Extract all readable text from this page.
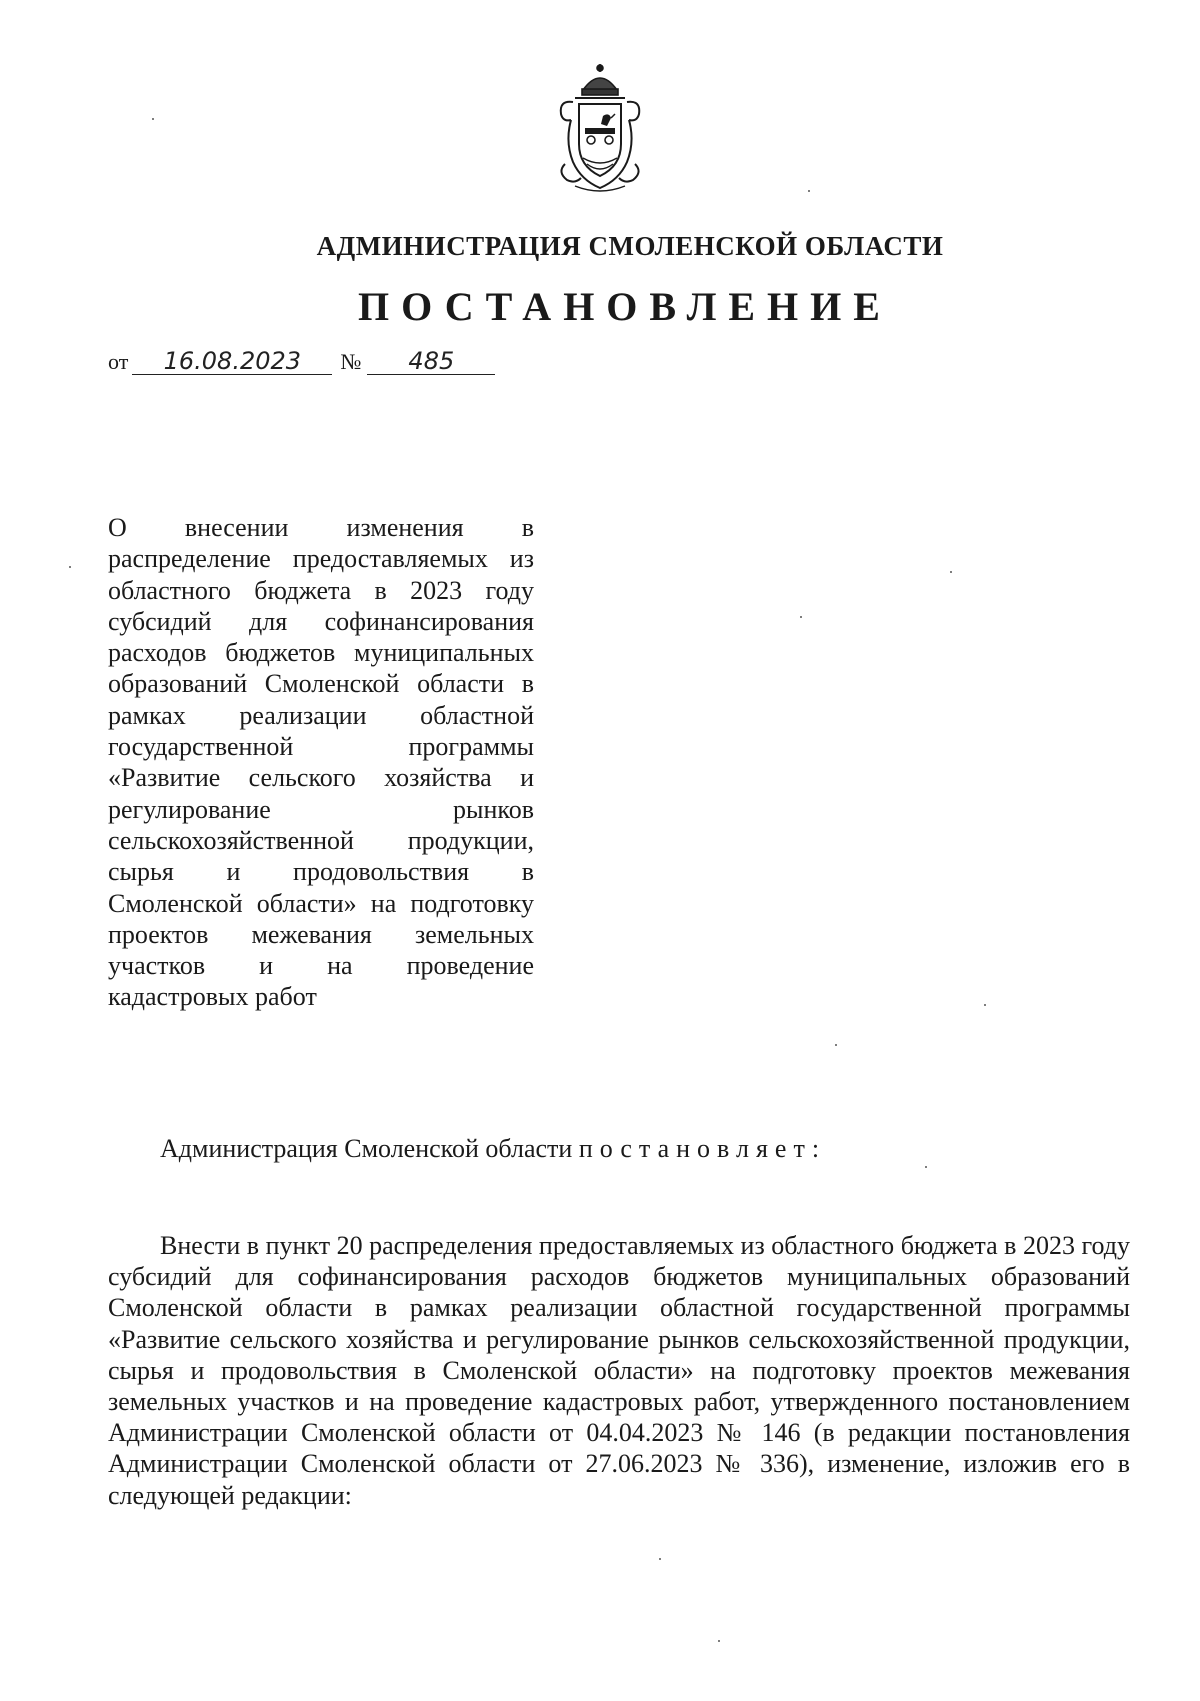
АДМИНИСТРАЦИЯ СМОЛЕНСКОЙ ОБЛАСТИ
ПОСТАНОВЛЕНИЕ
от	16.08.2023	№	485
О внесении изменения в распределение предоставляемых из областного бюджета в 2023 году субсидий для софинансирования расходов бюджетов муниципальных образований Смоленской области в рамках реализации областной государственной программы «Развитие сельского хозяйства и регулирование рынков сельскохозяйственной продукции, сырья и продовольствия в Смоленской области» на подготовку проектов межевания земельных участков и на проведение кадастровых работ
Администрация Смоленской области постановляет:
Внести в пункт 20 распределения предоставляемых из областного бюджета в 2023 году субсидий для софинансирования расходов бюджетов муниципальных образований Смоленской области в рамках реализации областной государственной программы «Развитие сельского хозяйства и регулирование рынков сельскохозяйственной продукции, сырья и продовольствия в Смоленской области» на подготовку проектов межевания земельных участков и на проведение кадастровых работ, утвержденного постановлением Администрации Смоленской области от 04.04.2023 № 146 (в редакции постановления Администрации Смоленской области от 27.06.2023 № 336), изменение, изложив его в следующей редакции:
